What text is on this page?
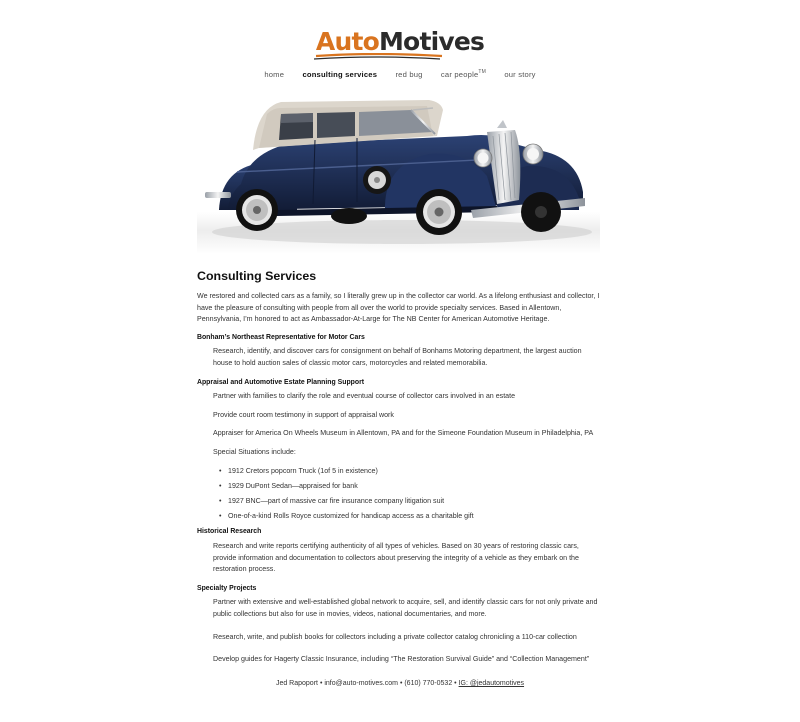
AutoMotives
home consulting services red bug car people™ our story
Consulting Services

We restored and collected cars as a family, so I literally grew up in the collector car world. As a lifelong enthusiast and collector, I have the pleasure of consulting with people from all over the world to provide specialty services. Based in Allentown, Pennsylvania, I’m honored to act as Ambassador-At-Large for The NB Center for American Automotive Heritage.

Bonham’s Northeast Representative for Motor Cars

Research, identify, and discover cars for consignment on behalf of Bonhams Motoring department, the largest auction house to hold auction sales of classic motor cars, motorcycles and related memorabilia.

Appraisal and Automotive Estate Planning Support

Partner with families to clarify the role and eventual course of collector cars involved in an estate

Provide court room testimony in support of appraisal work

Appraiser for America On Wheels Museum in Allentown, PA and for the Simeone Foundation Museum in Philadelphia, PA

Special Situations include:

• 1912 Cretors popcorn Truck (1of 5 in existence)
• 1929 DuPont Sedan—appraised for bank
• 1927 BNC—part of massive car fire insurance company litigation suit
• One-of-a-kind Rolls Royce customized for handicap access as a charitable gift
Historical Research

Research and write reports certifying authenticity of all types of vehicles. Based on 30 years of restoring classic cars, provide information and documentation to collectors about preserving the integrity of a vehicle as they embark on the restoration process.

Specialty Projects

Partner with extensive and well-established global network to acquire, sell, and identify classic cars for not only private and public collections but also for use in movies, videos, national documentaries, and more.

Research, write, and publish books for collectors including a private collector catalog chronicling a 110-car collection

Develop guides for Hagerty Classic Insurance, including “The Restoration Survival Guide” and “Collection Management”

Jed Rapoport • info@auto-motives.com • (610) 770-0532 • IG: @jedautomotives
